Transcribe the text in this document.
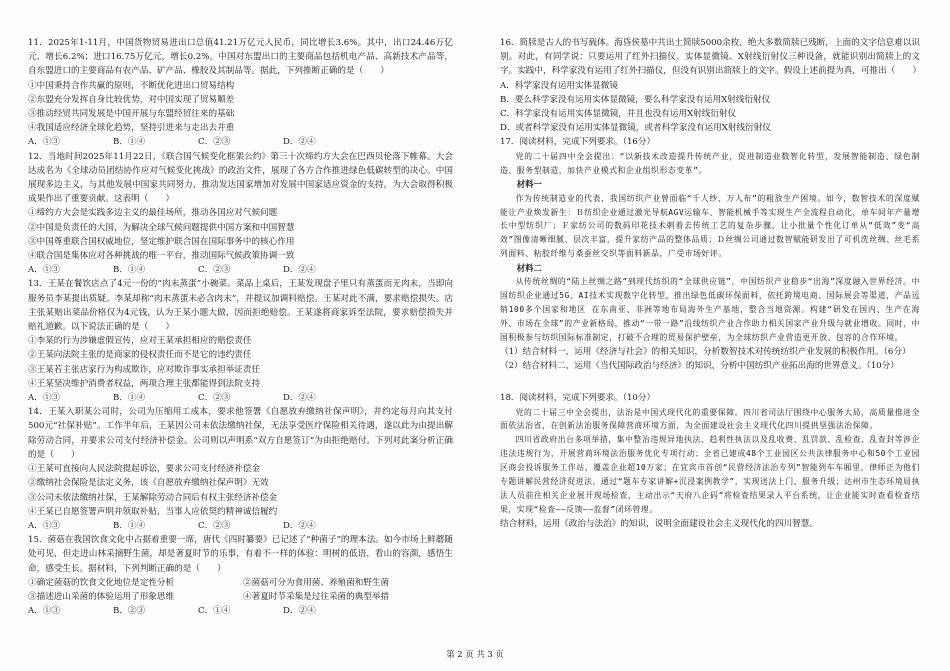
11．2025年1-11月，中国货物贸易进出口总值41.21万亿元人民币，同比增长3.6%。其中，出口24.46万亿元，增长6.2%；进口16.75万亿元，增长0.2%。中国对东盟出口的主要商品包括机电产品、高新技术产品等，自东盟进口的主要商品有农产品、矿产品、橡胶及其制品等。据此，下列推断正确的是（　　）

①中国秉持合作共赢的原则，不断优化进出口贸易结构

②东盟充分发挥自身比较优势，对中国实现了贸易顺差

③推动经贸共同发展是中国开展与东盟经贸往来的基础

④我国适应经济全球化趋势，坚持引进来与走出去并重

A．①③	B．①④	C．②③	D．②④

12．当地时间2025年11月22日，《联合国气候变化框架公约》第三十次缔约方大会在巴西贝伦落下帷幕。大会达成名为《全球动员团结协作应对气候变化挑战》的政治文件，展现了各方合作推进绿色低碳转型的决心。中国展现多边主义，与其他发展中国家共同努力，推动发达国家增加对发展中国家适应资金的支持，为大会取得积极成果作出了重要贡献。这表明（　　）

①缔约方大会是实践多边主义的最佳场所，推动各国应对气候问题

②中国是负责任的大国，为解决全球气候问题提供中国方案和中国智慧

③中国尊重联合国权威地位，坚定维护联合国在国际事务中的核心作用

④联合国是集体应对各种挑战的唯一平台，推动国际气候政策协调一致

A．①③	B．①④	C．②③	D．②④

13．王某在餐饮店点了4元一份的“肉末蒸蛋”小碗菜。菜品上桌后，王某发现盘子里只有蒸蛋而无肉末，当即向服务员李某提出质疑。李某却称“肉末蒸蛋未必含肉末”，并提议加调料赔偿。王某对此不满，要求赔偿损失。店主张某赔出菜品价格仅为4元钱，认为王某小题大做，因而拒绝赔偿。王某遂将商家诉至法院，要求赔偿损失并赔礼道歉。以下说法正确的是（　　）

①李某的行为涉嫌虚假宣传，应对王某承担相应的赔偿责任

②王某向法院主张的是商家的侵权责任而不是它的违约责任

③王某若主张店家行为构成欺诈，应对欺诈事实承担举证责任

④王某坚决维护消费者权益，两项合理主张都能得到法院支持

A．①③	B．①④	C．②③	D．②④

14．王某入职某公司时，公司为压缩用工成本，要求他签署《自愿放弃缴纳社保声明》，并约定每月向其支付500元“社保补贴”。工作半年后，王某因公司未依法缴纳社保，无法享受医疗保险相关待遇，遂以此为由提出解除劳动合同，并要求公司支付经济补偿金。公司则以声明系“双方自愿签订”为由拒绝赔付。下列对此案分析正确的是（　　）

①王某可直接向人民法院提起诉讼，要求公司支付经济补偿金

②缴纳社会保险是法定义务，该《自愿放弃缴纳社保声明》无效

③公司未依法缴纳社保，王某解除劳动合同后有权主张经济补偿金

④王某已自愿签署声明并领取补贴，当事人应依契约精神诚信履约

A．①③	B．①④	C．②③	D．②④

15．菌菇在我国饮食文化中占据着重要一席，唐代《四时纂要》已记述了“种菌子”的理本法。如今市场上鲜蘑随处可见，但走进山林采摘野生菌，却是著夏时节的乐事，有着不一样的体验：明树的低语，看山的容颜，感悟生命，感受生长。据材料，下列判断正确的是（　　）

①确定菌菇的饮食文化地位是定性分析	②菌菇可分为食用菌、养殖菌和野生菌
③描述进山采菌的体验运用了形象思维	④著夏时节采集是过往采菌的典型举措
A．①③	B．②③	C．①④	D．②④

16．简牍是古人的书写载体。海昏侯墓中共出土简牍5000余枚，绝大多数简牍已残断，上面的文字信息难以识别。对此，有同学说：只要运用了红外扫描仪、实体显微镜、X射线衍射仪三种设备，就能识别出简牍上的文字。实践中，科学家没有运用了红外扫描仪，但没有识别出简牍上的文字。假设上述前提为真，可推出（　　）

A．科学家没有运用实体显微镜

B．要么科学家没有运用实体显微镜，要么科学家没有运用X射线衍射仪

C．科学家没有运用实体显微镜，并且也没有运用X射线衍射仪

D．或者科学家没有运用实体显微镜，或者科学家没有运用X射线衍射仪

17．阅读材料，完成下列要求。（16分）

党的二十届四中全会提出：“以新技术改造提升传统产业，促进制造业数智化转型，发展智能制造、绿色制造、服务型制造，加快产业模式和企业组织形态变革”。

材料一

作为传统制造业的代表，我国纺织产业曾面临“千人纱、万人布”的粗放生产困境。如今，数智技术的深度赋能让产业焕发新生：Ｂ纺织企业通过激光导航AGV运输车、智能机械手等实现生产全流程自动化，单车间年产量增长中型纺织厂；Ｆ家纺公司的数码印花技术刺着去传统工艺的复杂步骤，让小批量个性化订单从“低效”变“高效”图像清晰细腻、层次丰富，提升家纺产品的整体品质；Ｄ丝绸公司通过数智赋能研发出了可机洗丝绸、丝毛系列面料、粘胶纤维与桑蚕丝交织等面料新品，广受市场好评。

材料二

从传统丝绸的“陆上丝绸之路”到现代纺织的“全球供应链”，中国纺织产业稳步“出海”深度融入世界经济。中国纺织企业通过5G、AI技术实现数字化转型，推出绿色低碳环保面料，依托跨境电商、国际展会等渠道，产品远销100多个国家和地区 在东南亚、非洲等地布局海外生产基地，整合当地资源。构建“研发在国内、生产在海外、市场在全球”的产业新格局，推动“一带一路”沿线纺织产业合作助力相关国家产业升级与就业增收。同时，中国积极参与纺织国际标准制定，打破不合理的贸易保护壁垒，为全球纺织产业营造更开放、包容的合作环境。

（1）结合材料一，运用《经济与社会》的相关知识，分析数智技术对传统纺织产业发展的积极作用。（6分）

（2）结合材料二，运用《当代国际政治与经济》的知识，分析中国纺织产业拓出海的世界意义。（10分）

18．阅读材料，完成下列要求。（10分）

党的二十届三中全会提出，法治是中国式现代化的重要保障。四川省司法厅围绕中心服务大局，高质量推进全面依法治省，在创新法治服务保障营商环境方面，为全面建设社会主义现代化四川提供坚强法治保障。

四川省政府出台多项举措，集中整治违规异地执法、趋利性执法以及乱收费、乱罚款、乱检查、乱查封等涉企违法违规行为，开展营商环境法治服务优化专项行动；全省已建成48个工业园区公共法律服务中心和50个工业园区商会投诉服务工作站，覆盖企业超10万家；在宜宾市首创“民营经济法治专列”智能列车车厢里，律师正为他们专题讲解民营经济促进法，通过“题车专家讲解+沉浸案例教学”，实现送法上门、服务升级；达州市生态环境局执法人员前往相关企业展开现场检查，主动出示“天府八企码”将检查结果录入平台系统，让企业能实时查看检查结果，实现“检查——反馈——监督”闭环管理。

结合材料，运用《政治与法治》的知识，说明全面建设社会主义现代化的四川智慧。

第 2 页 共 3 页
